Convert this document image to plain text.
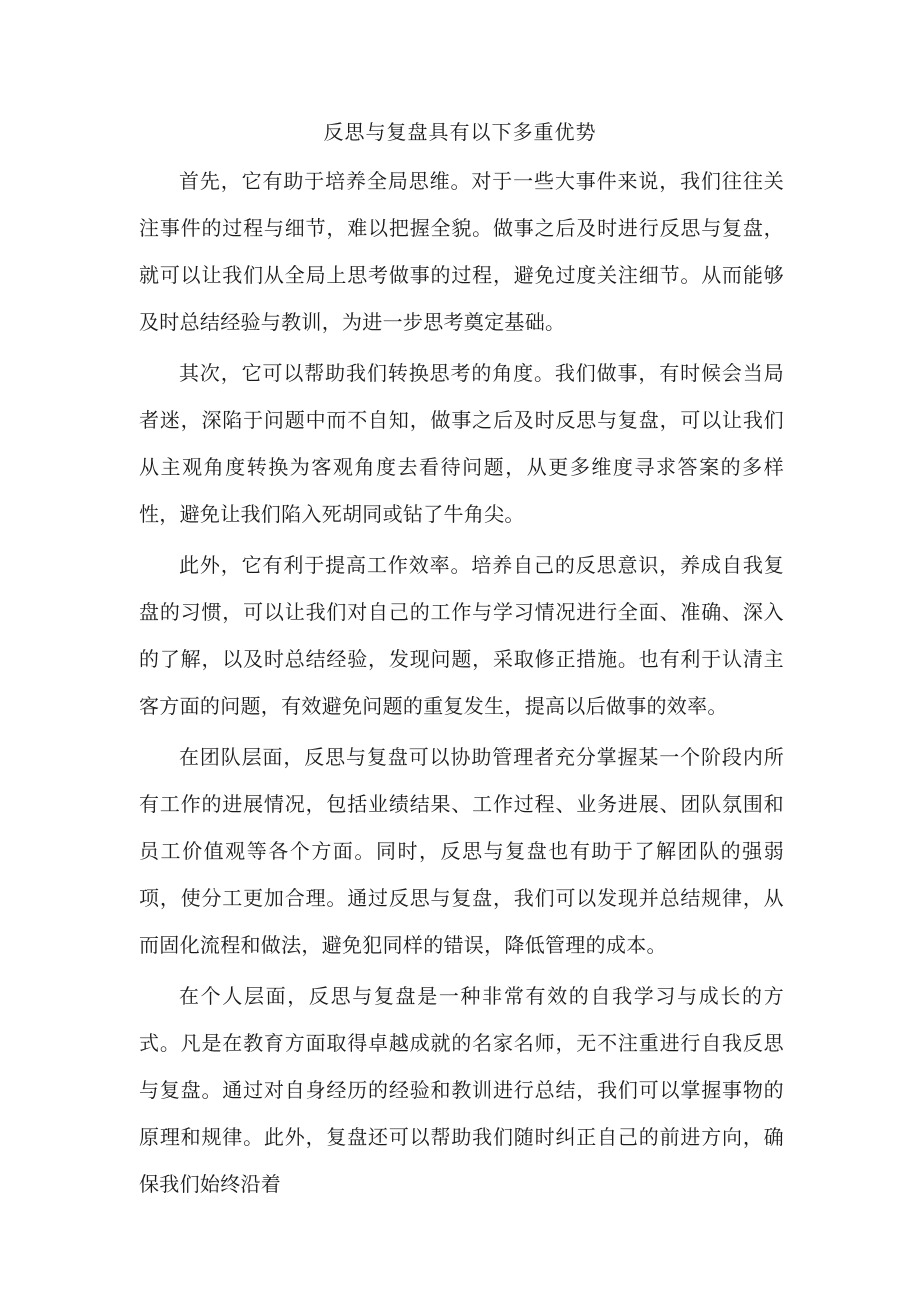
反思与复盘具有以下多重优势

首先，它有助于培养全局思维。对于一些大事件来说，我们往往关注事件的过程与细节，难以把握全貌。做事之后及时进行反思与复盘，就可以让我们从全局上思考做事的过程，避免过度关注细节。从而能够及时总结经验与教训，为进一步思考奠定基础。

其次，它可以帮助我们转换思考的角度。我们做事，有时候会当局者迷，深陷于问题中而不自知，做事之后及时反思与复盘，可以让我们从主观角度转换为客观角度去看待问题，从更多维度寻求答案的多样性，避免让我们陷入死胡同或钻了牛角尖。

此外，它有利于提高工作效率。培养自己的反思意识，养成自我复盘的习惯，可以让我们对自己的工作与学习情况进行全面、准确、深入的了解，以及时总结经验，发现问题，采取修正措施。也有利于认清主客方面的问题，有效避免问题的重复发生，提高以后做事的效率。

在团队层面，反思与复盘可以协助管理者充分掌握某一个阶段内所有工作的进展情况，包括业绩结果、工作过程、业务进展、团队氛围和员工价值观等各个方面。同时，反思与复盘也有助于了解团队的强弱项，使分工更加合理。通过反思与复盘，我们可以发现并总结规律，从而固化流程和做法，避免犯同样的错误，降低管理的成本。

在个人层面，反思与复盘是一种非常有效的自我学习与成长的方式。凡是在教育方面取得卓越成就的名家名师，无不注重进行自我反思与复盘。通过对自身经历的经验和教训进行总结，我们可以掌握事物的原理和规律。此外，复盘还可以帮助我们随时纠正自己的前进方向，确保我们始终沿着
